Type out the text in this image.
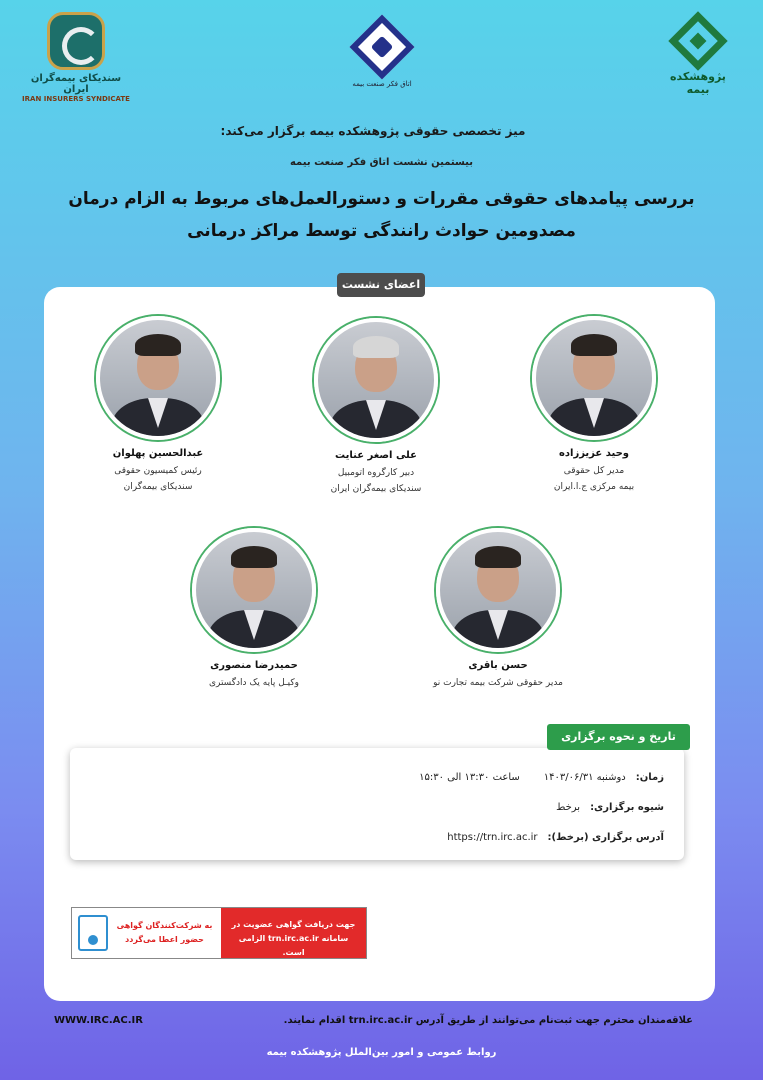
سندیکای بیمه‌گران ایران
IRAN INSURERS SYNDICATE
اتاق فکر صنعت بیمه
پژوهشکده بیمه
میز تخصصی حقوقی پژوهشکده بیمه برگزار می‌کند:
بیستمین نشست اتاق فکر صنعت بیمه
بررسی پیامدهای حقوقی مقررات و دستورالعمل‌های مربوط به الزام درمان
مصدومین حوادث رانندگی توسط مراکز درمانی
اعضای نشست
وحید عزیززاده
مدیر کل حقوقی
بیمه مرکزی ج.ا.ایران
علی اصغر عنایت
دبیر کارگروه اتومبیل
سندیکای بیمه‌گران ایران
عبدالحسین پهلوان
رئیس کمیسیون حقوقی
سندیکای بیمه‌گران
حسن باقری
مدیر حقوقی شرکت بیمه تجارت نو
حمیدرضا منصوری
وکیـل پایه یک دادگستری
تاریخ و نحوه برگزاری
زمان:
دوشنبه ۱۴۰۳/۰۶/۳۱
ساعت ۱۳:۳۰ الی ۱۵:۳۰
شیوه برگزاری:
برخط
آدرس برگزاری (برخط):
https://trn.irc.ac.ir
جهت دریافت گواهی عضویت در سامانه trn.irc.ac.ir الزامی است.
به شرکت‌کنندگان گواهی حضور اعطا می‌گردد
علاقه‌مندان محترم جهت ثبت‌نام می‌توانند از طریق آدرس trn.irc.ac.ir اقدام نمایند.
WWW.IRC.AC.IR
روابط عمومی و امور بین‌الملل پژوهشکده بیمه
